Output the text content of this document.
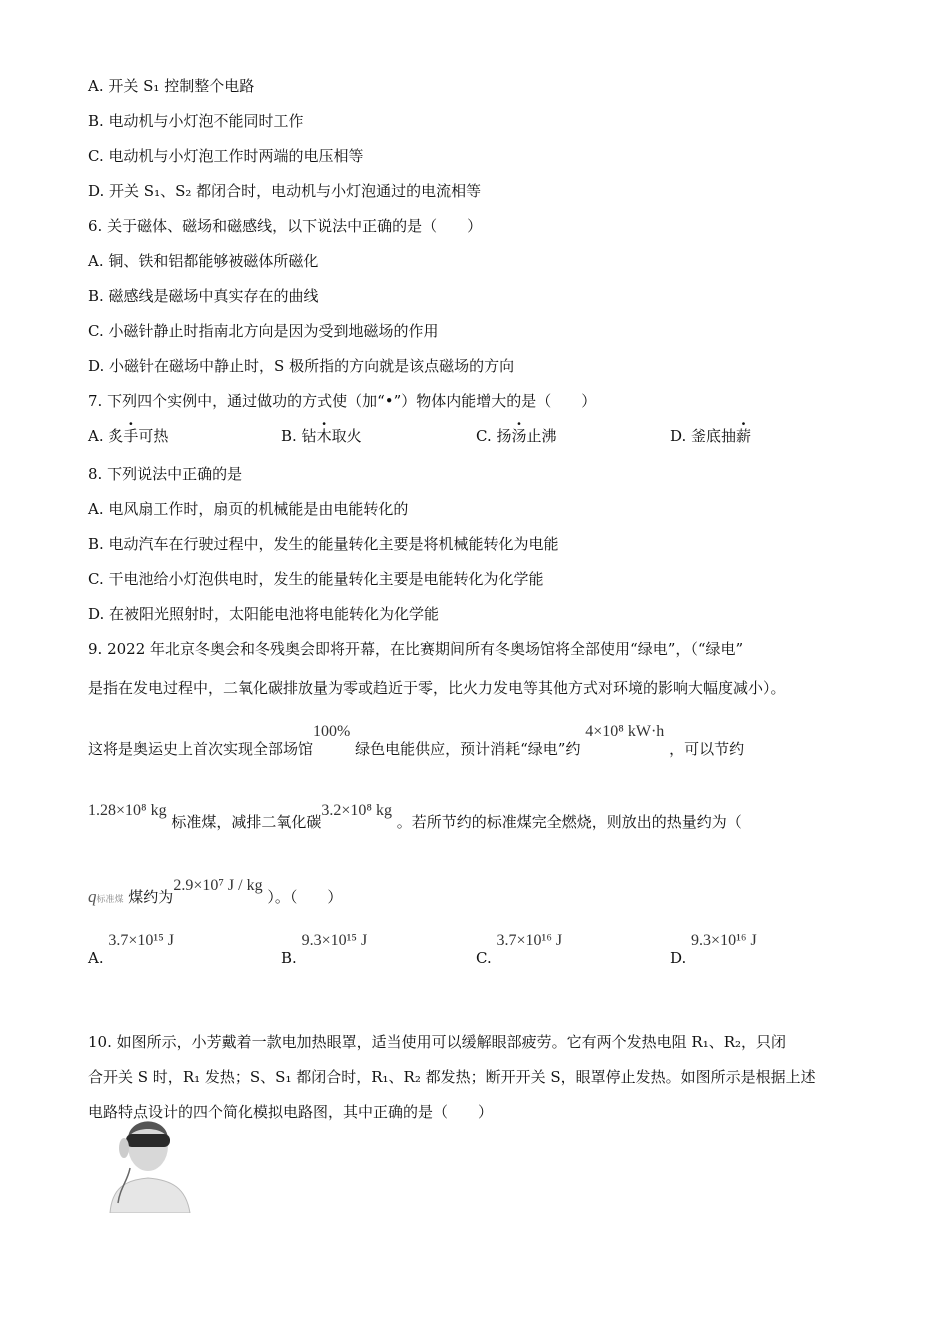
A. 开关 S₁ 控制整个电路
B. 电动机与小灯泡不能同时工作
C. 电动机与小灯泡工作时两端的电压相等
D. 开关 S₁、S₂ 都闭合时，电动机与小灯泡通过的电流相等
6. 关于磁体、磁场和磁感线，以下说法中正确的是（　　）
A. 铜、铁和铝都能够被磁体所磁化
B. 磁感线是磁场中真实存在的曲线
C. 小磁针静止时指南北方向是因为受到地磁场的作用
D. 小磁针在磁场中静止时，S 极所指的方向就是该点磁场的方向
7. 下列四个实例中，通过做功的方式使（加“•”）物体内能增大的是（　　）
A. 炙手可热	B. 钻木取火	C. 扬汤止沸	D. 釜底抽薪
8. 下列说法中正确的是
A. 电风扇工作时，扇页的机械能是由电能转化的
B. 电动汽车在行驶过程中，发生的能量转化主要是将机械能转化为电能
C. 干电池给小灯泡供电时，发生的能量转化主要是电能转化为化学能
D. 在被阳光照射时，太阳能电池将电能转化为化学能
9. 2022 年北京冬奥会和冬残奥会即将开幕，在比赛期间所有冬奥场馆将全部使用“绿电”，（“绿电”
是指在发电过程中，二氧化碳排放量为零或趋近于零，比火力发电等其他方式对环境的影响大幅度减小）。
这将是奥运史上首次实现全部场馆100% 绿色电能供应，预计消耗“绿电”约 4×10⁸ kW·h ，可以节约
1.28×10⁸ kg 标准煤，减排二氧化碳3.2×10⁸ kg 。若所节约的标准煤完全燃烧，则放出的热量约为（
q标准煤 煤约为2.9×10⁷ J / kg ）。（　　）
A. 3.7×10¹⁵ J
B. 9.3×10¹⁵ J
C. 3.7×10¹⁶ J
D. 9.3×10¹⁶ J
10. 如图所示，小芳戴着一款电加热眼罩，适当使用可以缓解眼部疲劳。它有两个发热电阻 R₁、R₂，只闭
合开关 S 时，R₁ 发热；S、S₁ 都闭合时，R₁、R₂ 都发热；断开开关 S，眼罩停止发热。如图所示是根据上述
电路特点设计的四个简化模拟电路图，其中正确的是（　　）
